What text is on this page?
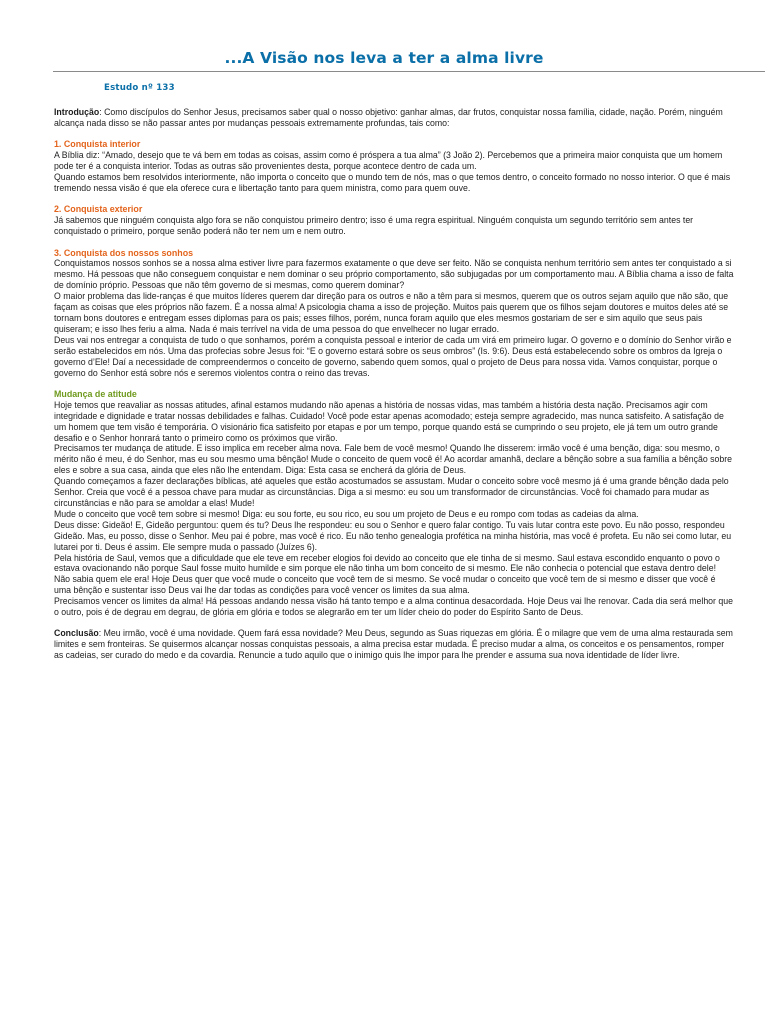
...A Visão nos leva a ter a alma livre
Estudo nº 133

Introdução: Como discípulos do Senhor Jesus, precisamos saber qual o nosso objetivo: ganhar almas, dar frutos, conquistar nossa família, cidade, nação. Porém, ninguém alcança nada disso se não passar antes por mudanças pessoais extremamente profundas, tais como:

1. Conquista interior

A Bíblia diz: “Amado, desejo que te vá bem em todas as coisas, assim como é próspera a tua alma” (3 João 2). Percebemos que a primeira maior conquista que um homem pode ter é a conquista interior. Todas as outras são provenientes desta, porque acontece dentro de cada um.

Quando estamos bem resolvidos interiormente, não importa o conceito que o mundo tem de nós, mas o que temos dentro, o conceito formado no nosso interior. O que é mais tremendo nessa visão é que ela oferece cura e libertação tanto para quem ministra, como para quem ouve.

2. Conquista exterior

Já sabemos que ninguém conquista algo fora se não conquistou primeiro dentro; isso é uma regra espiritual. Ninguém conquista um segundo território sem antes ter conquistado o primeiro, porque senão poderá não ter nem um e nem outro.

3. Conquista dos nossos sonhos

Conquistamos nossos sonhos se a nossa alma estiver livre para fazermos exatamente o que deve ser feito. Não se conquista nenhum território sem antes ter conquistado a si mesmo. Há pessoas que não conseguem conquistar e nem dominar o seu próprio comportamento, são subjugadas por um comportamento mau. A Bíblia chama a isso de falta de domínio próprio. Pessoas que não têm governo de si mesmas, como querem dominar?

O maior problema das lide-ranças é que muitos líderes querem dar direção para os outros e não a têm para si mesmos, querem que os outros sejam aquilo que não são, que façam as coisas que eles próprios não fazem. É a nossa alma! A psicologia chama a isso de projeção. Muitos pais querem que os filhos sejam doutores e muitos deles até se tornam bons doutores e entregam esses diplomas para os pais; esses filhos, porém, nunca foram aquilo que eles mesmos gostariam de ser e sim aquilo que seus pais quiseram; e isso lhes feriu a alma. Nada é mais terrível na vida de uma pessoa do que envelhecer no lugar errado.

Deus vai nos entregar a conquista de tudo o que sonhamos, porém a conquista pessoal e interior de cada um virá em primeiro lugar. O governo e o domínio do Senhor virão e serão estabelecidos em nós. Uma das profecias sobre Jesus foi: “E o governo estará sobre os seus ombros” (Is. 9:6). Deus está estabelecendo sobre os ombros da Igreja o governo d’Ele! Daí a necessidade de compreendermos o conceito de governo, sabendo quem somos, qual o projeto de Deus para nossa vida. Vamos conquistar, porque o governo do Senhor está sobre nós e seremos violentos contra o reino das trevas.

Mudança de atitude

Hoje temos que reavaliar as nossas atitudes, afinal estamos mudando não apenas a história de nossas vidas, mas também a história desta nação. Precisamos agir com integridade e dignidade e tratar nossas debilidades e falhas. Cuidado! Você pode estar apenas acomodado; esteja sempre agradecido, mas nunca satisfeito. A satisfação de um homem que tem visão é temporária. O visionário fica satisfeito por etapas e por um tempo, porque quando está se cumprindo o seu projeto, ele já tem um outro grande desafio e o Senhor honrará tanto o primeiro como os próximos que virão.

Precisamos ter mudança de atitude. E isso implica em receber alma nova. Fale bem de você mesmo! Quando lhe disserem: irmão você é uma benção, diga: sou mesmo, o mérito não é meu, é do Senhor, mas eu sou mesmo uma bênção! Mude o conceito de quem você é! Ao acordar amanhã, declare a bênção sobre a sua família a bênção sobre eles e sobre a sua casa, ainda que eles não lhe entendam. Diga: Esta casa se encherá da glória de Deus.

Quando começamos a fazer declarações bíblicas, até aqueles que estão acostumados se assustam. Mudar o conceito sobre você mesmo já é uma grande bênção dada pelo Senhor. Creia que você é a pessoa chave para mudar as circunstâncias. Diga a si mesmo: eu sou um transformador de circunstâncias. Você foi chamado para mudar as circunstâncias e não para se amoldar a elas! Mude!

Mude o conceito que você tem sobre si mesmo! Diga: eu sou forte, eu sou rico, eu sou um projeto de Deus e eu rompo com todas as cadeias da alma.

Deus disse: Gideão! E, Gideão perguntou: quem és tu? Deus lhe respondeu: eu sou o Senhor e quero falar contigo. Tu vais lutar contra este povo. Eu não posso, respondeu Gideão. Mas, eu posso, disse o Senhor. Meu pai é pobre, mas você é rico. Eu não tenho genealogia profética na minha história, mas você é profeta. Eu não sei como lutar, eu lutarei por ti. Deus é assim. Ele sempre muda o passado (Juízes 6).

Pela história de Saul, vemos que a dificuldade que ele teve em receber elogios foi devido ao conceito que ele tinha de si mesmo. Saul estava escondido enquanto o povo o estava ovacionando não porque Saul fosse muito humilde e sim porque ele não tinha um bom conceito de si mesmo. Ele não conhecia o potencial que estava dentro dele! Não sabia quem ele era! Hoje Deus quer que você mude o conceito que você tem de si mesmo. Se você mudar o conceito que você tem de si mesmo e disser que você é uma bênção e sustentar isso Deus vai lhe dar todas as condições para você vencer os limites da sua alma.

Precisamos vencer os limites da alma! Há pessoas andando nessa visão há tanto tempo e a alma continua desacordada. Hoje Deus vai lhe renovar. Cada dia será melhor que o outro, pois é de degrau em degrau, de glória em glória e todos se alegrarão em ter um líder cheio do poder do Espírito Santo de Deus.

Conclusão: Meu irmão, você é uma novidade. Quem fará essa novidade? Meu Deus, segundo as Suas riquezas em glória. É o milagre que vem de uma alma restaurada sem limites e sem fronteiras. Se quisermos alcançar nossas conquistas pessoais, a alma precisa estar mudada. É preciso mudar a alma, os conceitos e os pensamentos, romper as cadeias, ser curado do medo e da covardia. Renuncie a tudo aquilo que o inimigo quis lhe impor para lhe prender e assuma sua nova identidade de líder livre.
